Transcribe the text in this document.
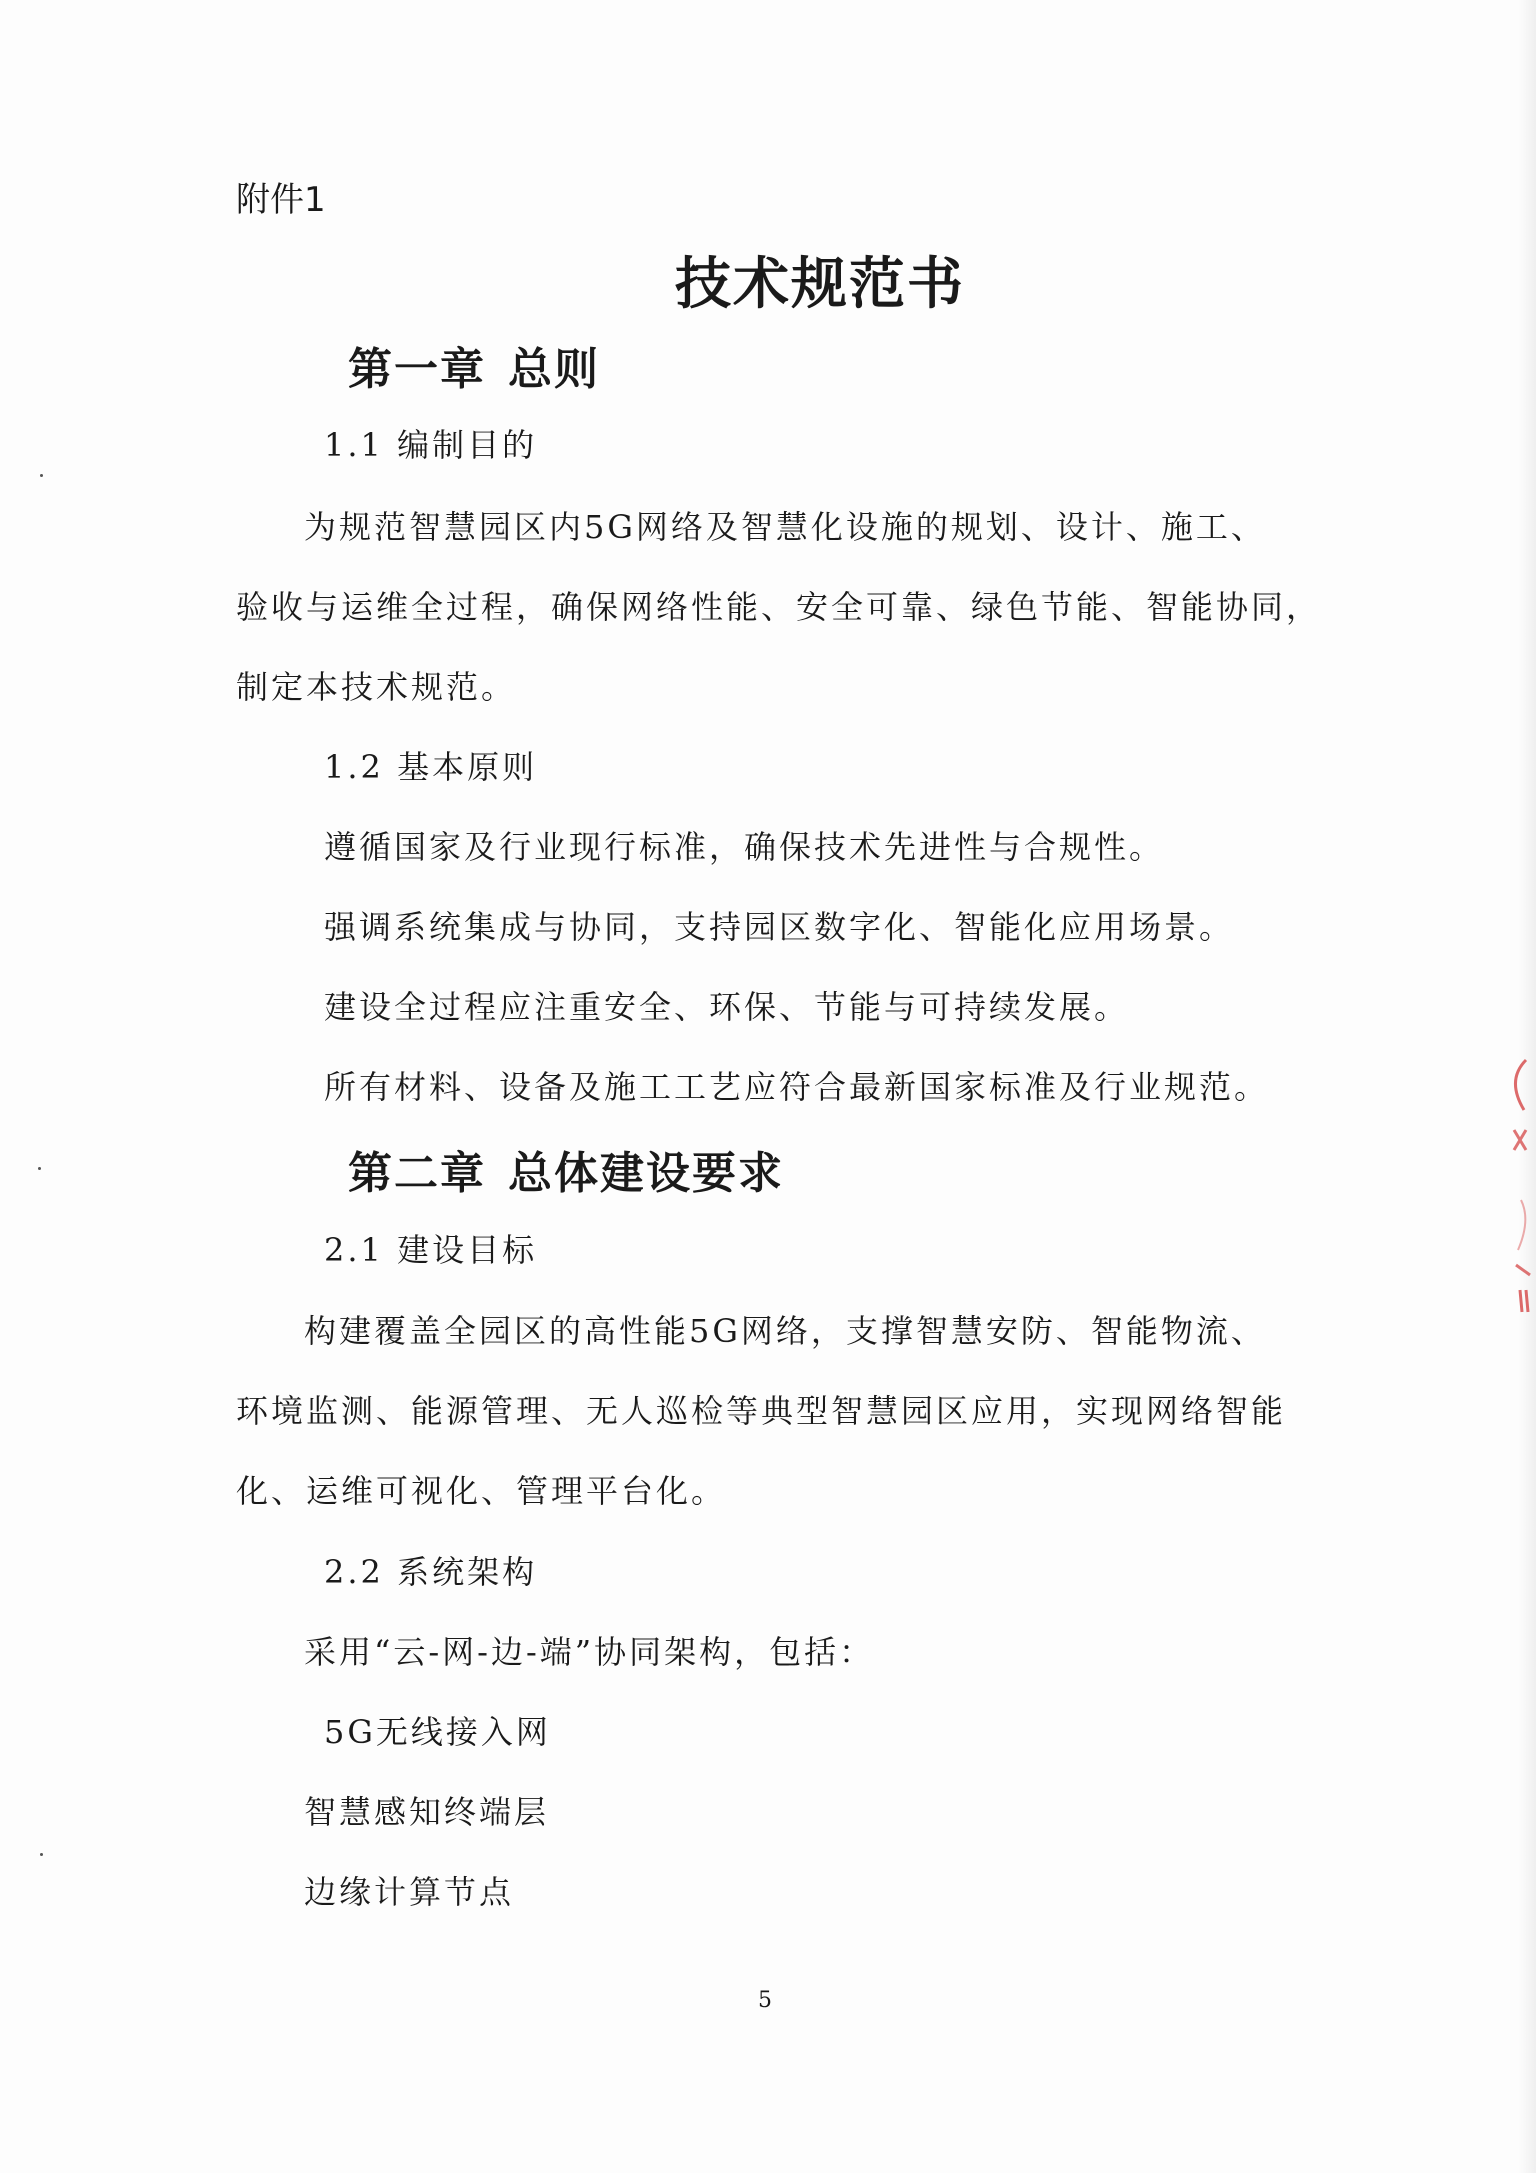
附件1
技术规范书
第一章 总则
1.1 编制目的
为规范智慧园区内5G网络及智慧化设施的规划、设计、施工、
验收与运维全过程，确保网络性能、安全可靠、绿色节能、智能协同，
制定本技术规范。
1.2 基本原则
遵循国家及行业现行标准，确保技术先进性与合规性。
强调系统集成与协同，支持园区数字化、智能化应用场景。
建设全过程应注重安全、环保、节能与可持续发展。
所有材料、设备及施工工艺应符合最新国家标准及行业规范。
第二章 总体建设要求
2.1 建设目标
构建覆盖全园区的高性能5G网络，支撑智慧安防、智能物流、
环境监测、能源管理、无人巡检等典型智慧园区应用，实现网络智能
化、运维可视化、管理平台化。
2.2 系统架构
采用“云-网-边-端”协同架构，包括：
5G无线接入网
智慧感知终端层
边缘计算节点
5
